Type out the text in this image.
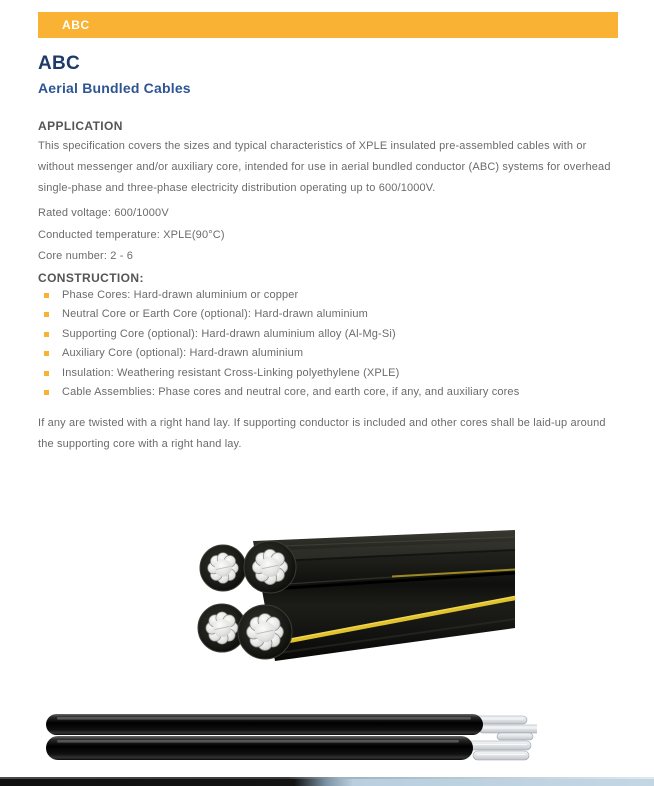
ABC
ABC
Aerial Bundled Cables
APPLICATION
This specification covers the sizes and typical characteristics of XPLE insulated pre-assembled cables with or without messenger and/or auxiliary core, intended for use in aerial bundled conductor (ABC) systems for overhead single-phase and three-phase electricity distribution operating up to 600/1000V.
Rated voltage: 600/1000V
Conducted temperature: XPLE(90°C)
Core number: 2 - 6
CONSTRUCTION:
Phase Cores: Hard-drawn aluminium or copper
Neutral Core or Earth Core (optional): Hard-drawn aluminium
Supporting Core (optional): Hard-drawn aluminium alloy (Al-Mg-Si)
Auxiliary Core (optional): Hard-drawn aluminium
Insulation: Weathering resistant Cross-Linking polyethylene (XPLE)
Cable Assemblies: Phase cores and neutral core, and earth core, if any, and auxiliary cores
If any are twisted with a right hand lay. If supporting conductor is included and other cores shall be laid-up around the supporting core with a right hand lay.
